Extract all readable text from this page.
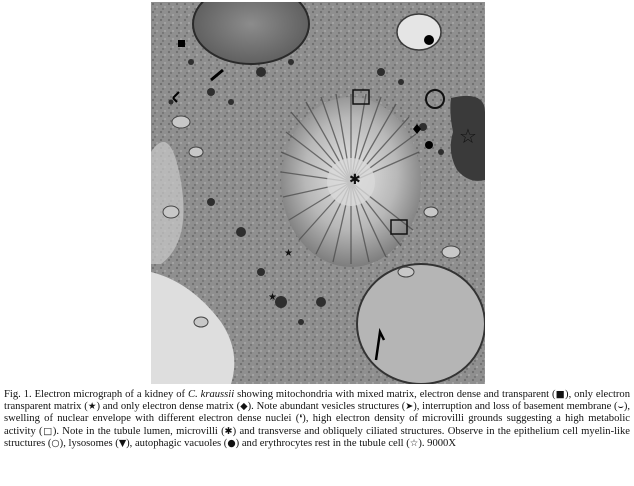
✱
☆
★
★
Fig. 1. Electron micrograph of a kidney of C. kraussii showing mitochondria with mixed matrix, electron dense and transparent (■), only electron transparent matrix (★) and only electron dense matrix (◆). Note abundant vesicles structures (➤), interruption and loss of basement membrane (⌣), swelling of nuclear envelope with different electron dense nuclei (❛), high electron density of microvilli grounds suggesting a high metabolic activity (□). Note in the tubule lumen, microvilli (✱) and transverse and obliquely ciliated structures. Observe in the epithelium cell myelin-like structures (○), lysosomes (▼), autophagic vacuoles (●) and erythrocytes rest in the tubule cell (☆). 9000X
